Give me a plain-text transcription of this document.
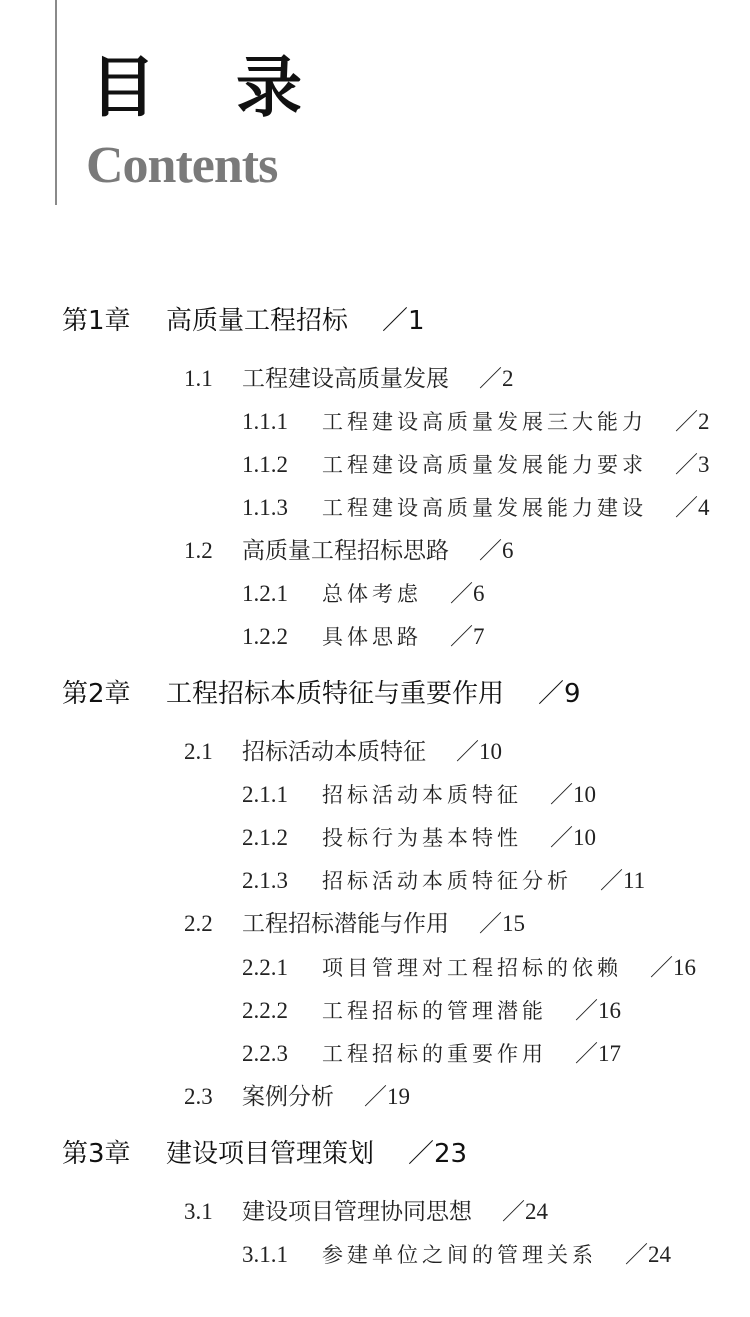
目 录
Contents
第1章	高质量工程招标 ／1
1.1	工程建设高质量发展 ／2
1.1.1	工程建设高质量发展三大能力 ／2
1.1.2	工程建设高质量发展能力要求 ／3
1.1.3	工程建设高质量发展能力建设 ／4
1.2	高质量工程招标思路 ／6
1.2.1	总体考虑 ／6
1.2.2	具体思路 ／7
第2章	工程招标本质特征与重要作用 ／9
2.1	招标活动本质特征 ／10
2.1.1	招标活动本质特征 ／10
2.1.2	投标行为基本特性 ／10
2.1.3	招标活动本质特征分析 ／11
2.2	工程招标潜能与作用 ／15
2.2.1	项目管理对工程招标的依赖 ／16
2.2.2	工程招标的管理潜能 ／16
2.2.3	工程招标的重要作用 ／17
2.3	案例分析 ／19
第3章	建设项目管理策划 ／23
3.1	建设项目管理协同思想 ／24
3.1.1	参建单位之间的管理关系 ／24
